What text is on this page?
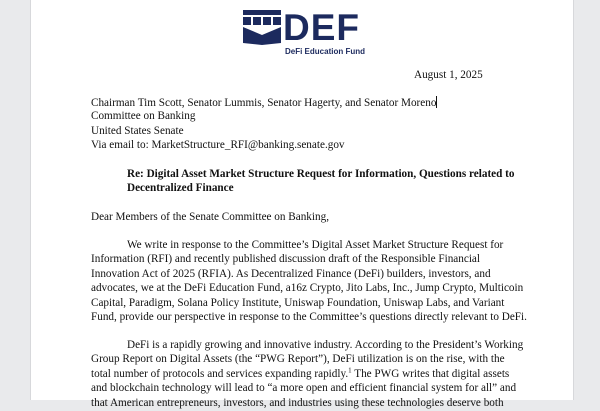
DEF
DeFi Education Fund
August 1, 2025
Chairman Tim Scott, Senator Lummis, Senator Hagerty, and Senator Moreno
Committee on Banking
United States Senate
Via email to: MarketStructure_RFI@banking.senate.gov
Re: Digital Asset Market Structure Request for Information, Questions related to
Decentralized Finance
Dear Members of the Senate Committee on Banking,
We write in response to the Committee’s Digital Asset Market Structure Request for
Information (RFI) and recently published discussion draft of the Responsible Financial
Innovation Act of 2025 (RFIA). As Decentralized Finance (DeFi) builders, investors, and
advocates, we at the DeFi Education Fund, a16z Crypto, Jito Labs, Inc., Jump Crypto, Multicoin
Capital, Paradigm, Solana Policy Institute, Uniswap Foundation, Uniswap Labs, and Variant
Fund, provide our perspective in response to the Committee’s questions directly relevant to DeFi.
DeFi is a rapidly growing and innovative industry. According to the President’s Working
Group Report on Digital Assets (the “PWG Report”), DeFi utilization is on the rise, with the
total number of protocols and services expanding rapidly.$^1$ The PWG writes that digital assets
and blockchain technology will lead to “a more open and efficient financial system for all” and
that American entrepreneurs, investors, and industries using these technologies deserve both
